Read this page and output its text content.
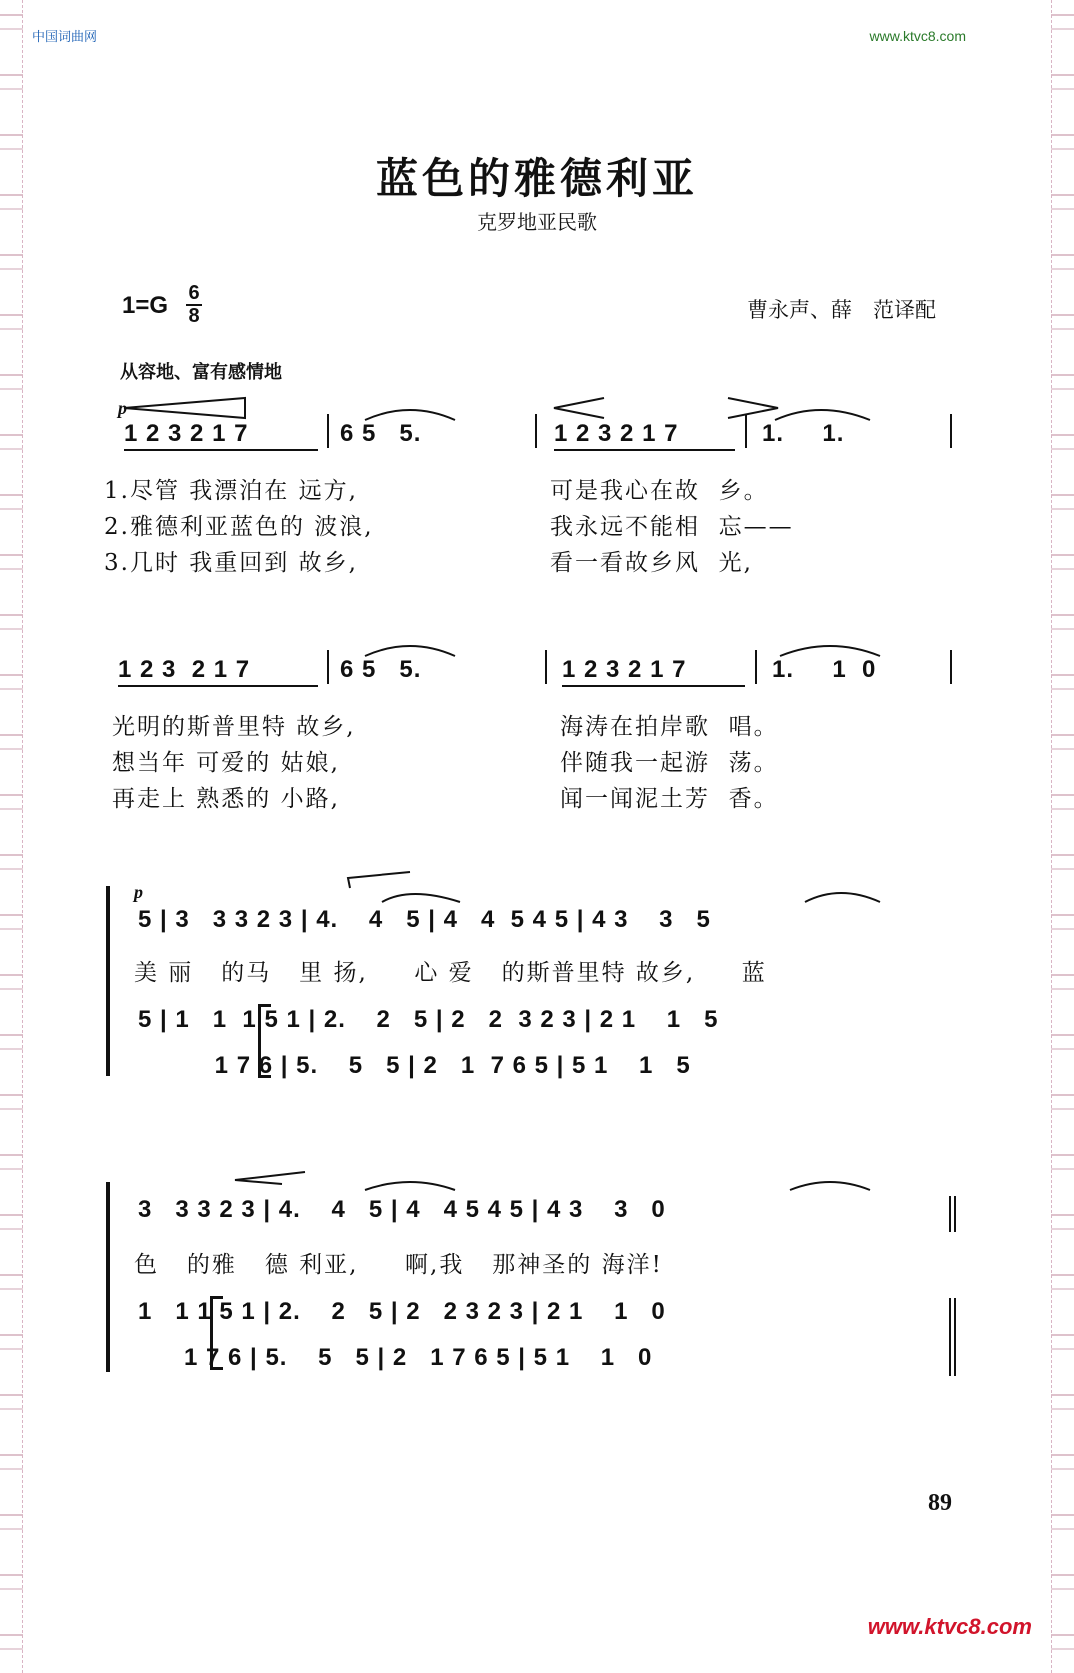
中国词曲网	www.ktvc8.com
蓝色的雅德利亚
克罗地亚民歌
1=G 6
8	曹永声、薛　范译配
从容地、富有感情地
p
1 2 3 2 1 7	6 5   5.	1 2 3 2 1 7	1.     1.
1.尽管 我漂泊在 远方,	可是我心在故  乡。
2.雅德利亚蓝色的 波浪,	我永远不能相  忘——
3.几时 我重回到 故乡,	看一看故乡风  光,
1 2 3  2 1 7	6 5   5.	1 2 3 2 1 7	1.     1  0
光明的斯普里特 故乡,	海涛在拍岸歌  唱。
想当年 可爱的 姑娘,	伴随我一起游  荡。
再走上 熟悉的 小路,	闻一闻泥土芳  香。
p
5 | 3   3 3 2 3 | 4.    4   5 | 4   4  5 4 5 | 4 3    3   5
美 丽   的马   里 扬,     心 爱   的斯普里特 故乡,     蓝
5 | 1   1  1 5 1 | 2.    2   5 | 2   2  3 2 3 | 2 1    1   5
1 7 6 | 5.    5   5 | 2   1  7 6 5 | 5 1    1   5
3   3 3 2 3 | 4.    4   5 | 4   4 5 4 5 | 4 3    3   0
色   的雅   德 利亚,     啊,我   那神圣的 海洋!
1   1 1 5 1 | 2.    2   5 | 2   2 3 2 3 | 2 1    1   0
1 7 6 | 5.    5   5 | 2   1 7 6 5 | 5 1    1   0
89
www.ktvc8.com
